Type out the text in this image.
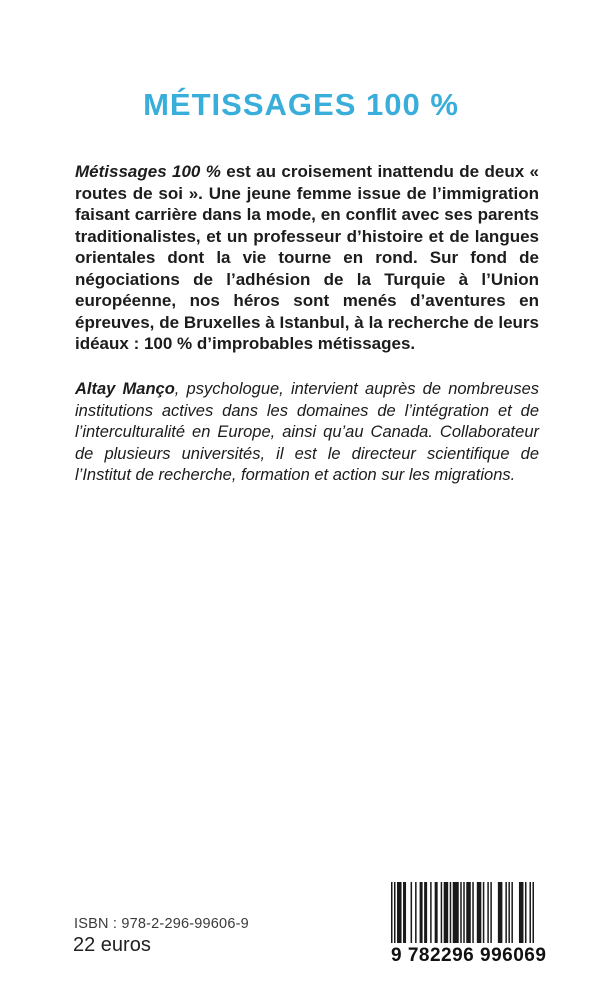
MÉTISSAGES 100 %

Métissages 100 % est au croisement inattendu de deux « routes de soi ». Une jeune femme issue de l’immigration faisant carrière dans la mode, en conflit avec ses parents traditionalistes, et un professeur d’histoire et de langues orientales dont la vie tourne en rond. Sur fond de négociations de l’adhésion de la Turquie à l’Union européenne, nos héros sont menés d’aventures en épreuves, de Bruxelles à Istanbul, à la recherche de leurs idéaux : 100 % d’improbables métissages.

Altay Manço, psychologue, intervient auprès de nombreuses institutions actives dans les domaines de l’intégration et de l’interculturalité en Europe, ainsi qu’au Canada. Collaborateur de plusieurs universités, il est le directeur scientifique de l’Institut de recherche, formation et action sur les migrations.

ISBN : 978-2-296-99606-9
22 euros	9 782296 996069
